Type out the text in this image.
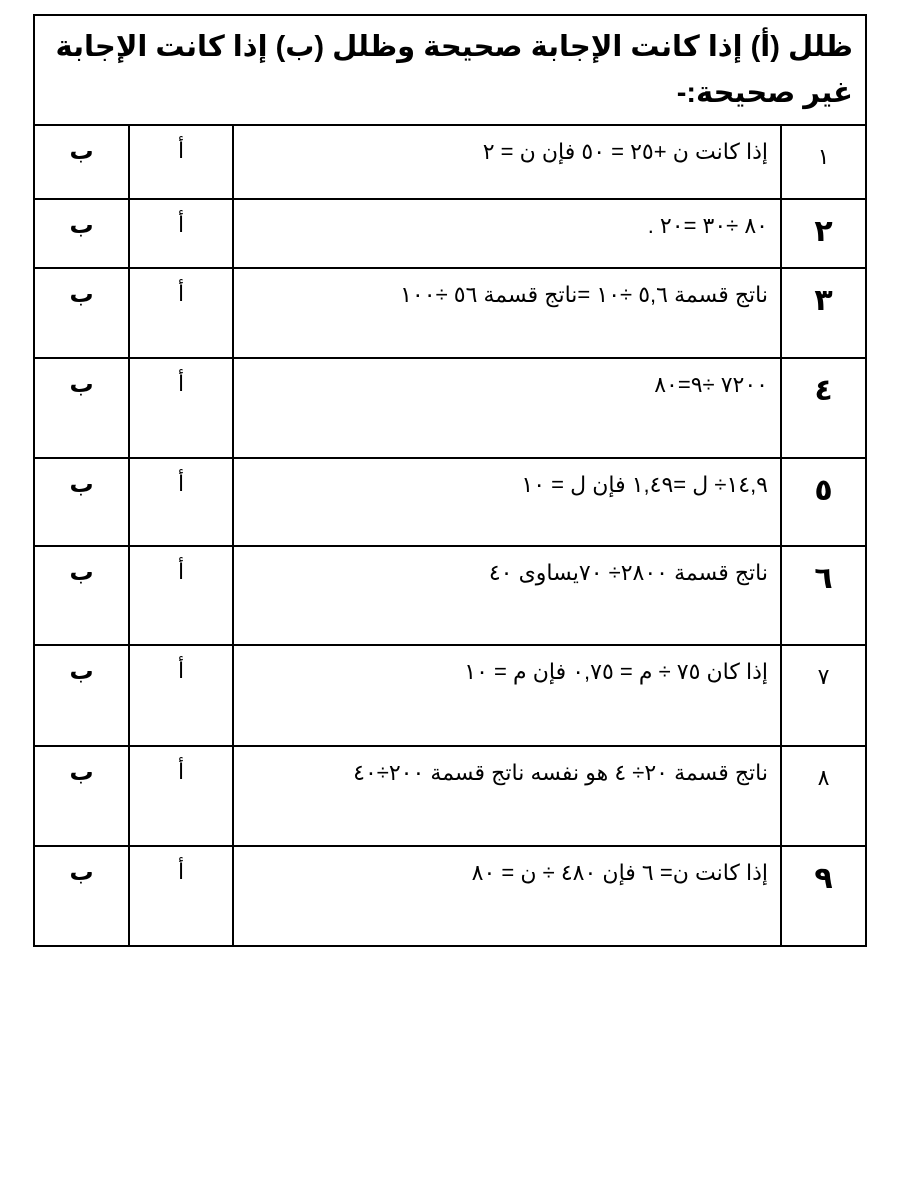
ظلل (أ) إذا كانت الإجابة صحيحة وظلل (ب) إذا كانت الإجابة غير صحيحة:-
١	إذا كانت ن +٢٥ = ٥٠ فإن ن = ٢	أ	ب
٢	٨٠ ÷٣٠ =٢٠ .	أ	ب
٣	ناتج قسمة ٥,٦ ÷١٠ =ناتج قسمة ٥٦ ÷١٠٠	أ	ب
٤	٧٢٠٠ ÷٩=٨٠	أ	ب
٥	١٤,٩÷ ل =١,٤٩ فإن ل = ١٠	أ	ب
٦	ناتج قسمة ٢٨٠٠÷ ٧٠يساوى ٤٠	أ	ب
٧	إذا كان ٧٥ ÷ م = ٠,٧٥ فإن م = ١٠	أ	ب
٨	ناتج قسمة ٢٠÷ ٤ هو نفسه ناتج قسمة ٢٠٠÷٤٠	أ	ب
٩	إذا كانت ن= ٦ فإن ٤٨٠ ÷ ن = ٨٠	أ	ب
